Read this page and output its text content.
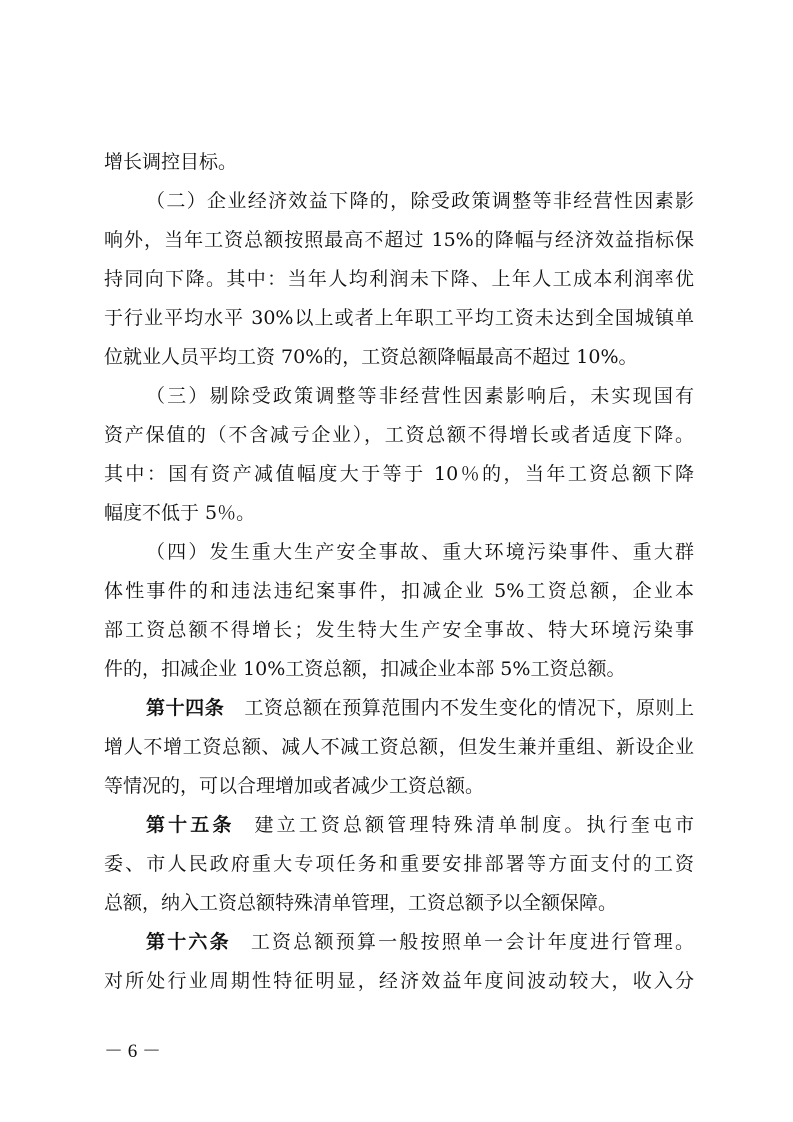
增长调控目标。
（二）企业经济效益下降的，除受政策调整等非经营性因素影
响外，当年工资总额按照最高不超过 15%的降幅与经济效益指标保
持同向下降。其中：当年人均利润未下降、上年人工成本利润率优
于行业平均水平 30%以上或者上年职工平均工资未达到全国城镇单
位就业人员平均工资 70%的，工资总额降幅最高不超过 10%。
（三）剔除受政策调整等非经营性因素影响后，未实现国有
资产保值的（不含减亏企业），工资总额不得增长或者适度下降。
其中：国有资产减值幅度大于等于 10％的，当年工资总额下降
幅度不低于 5％。
（四）发生重大生产安全事故、重大环境污染事件、重大群
体性事件的和违法违纪案事件，扣减企业 5%工资总额，企业本
部工资总额不得增长；发生特大生产安全事故、特大环境污染事
件的，扣减企业 10%工资总额，扣减企业本部 5%工资总额。
第十四条 工资总额在预算范围内不发生变化的情况下，原则上
增人不增工资总额、减人不减工资总额，但发生兼并重组、新设企业
等情况的，可以合理增加或者减少工资总额。
第十五条 建立工资总额管理特殊清单制度。执行奎屯市
委、市人民政府重大专项任务和重要安排部署等方面支付的工资
总额，纳入工资总额特殊清单管理，工资总额予以全额保障。
第十六条 工资总额预算一般按照单一会计年度进行管理。
对所处行业周期性特征明显，经济效益年度间波动较大，收入分
－ 6 －
